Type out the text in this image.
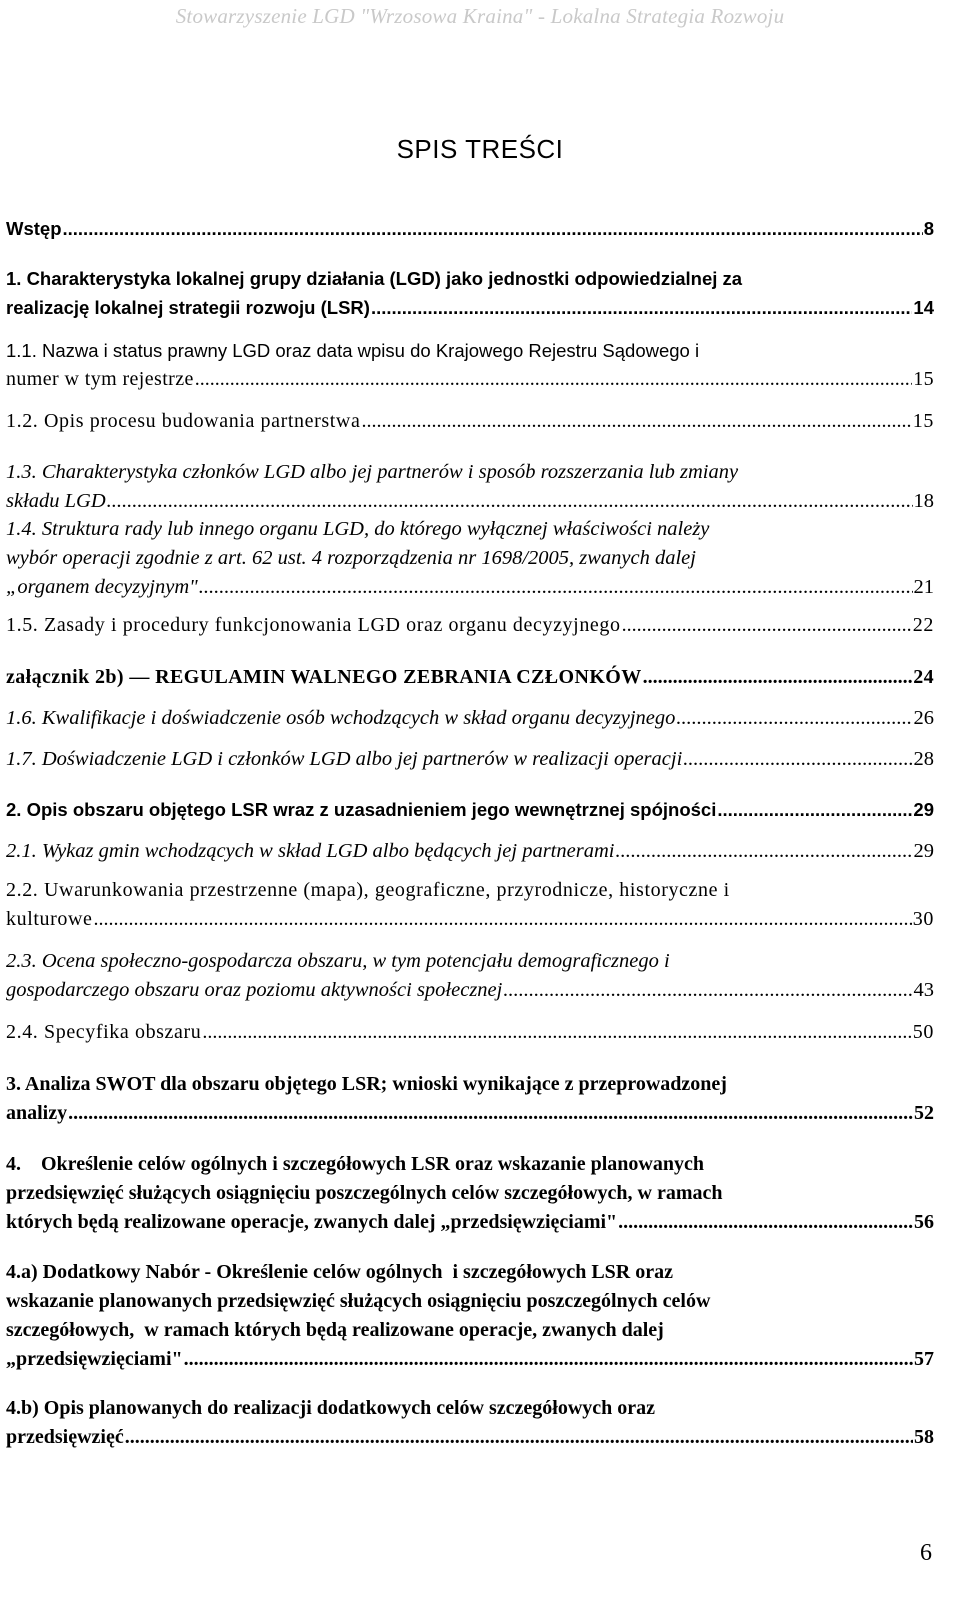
Stowarzyszenie LGD "Wrzosowa Kraina" - Lokalna Strategia Rozwoju
SPIS TREŚCI
Wstęp .....	8
1. Charakterystyka lokalnej grupy działania (LGD) jako jednostki odpowiedzialnej za
realizację lokalnej strategii rozwoju (LSR) .....	14
1.1. Nazwa i status prawny LGD oraz data wpisu do Krajowego Rejestru Sądowego i
numer w tym rejestrze .....	15
1.2. Opis procesu budowania partnerstwa .....	15
1.3. Charakterystyka członków LGD albo jej partnerów i sposób rozszerzania lub zmiany
składu LGD .....	18
1.4. Struktura rady lub innego organu LGD, do którego wyłącznej właściwości należy
wybór operacji zgodnie z art. 62 ust. 4 rozporządzenia nr 1698/2005, zwanych dalej
„organem decyzyjnym" .....	21
1.5. Zasady i procedury funkcjonowania LGD oraz organu decyzyjnego .....	22
załącznik 2b) — REGULAMIN WALNEGO ZEBRANIA CZŁONKÓW .....	24
1.6. Kwalifikacje i doświadczenie osób wchodzących w skład organu decyzyjnego .....	26
1.7. Doświadczenie LGD i członków LGD albo jej partnerów w realizacji operacji .....	28
2. Opis obszaru objętego LSR wraz z uzasadnieniem jego wewnętrznej spójności .....	29
2.1. Wykaz gmin wchodzących w skład LGD albo będących jej partnerami .....	29
2.2. Uwarunkowania przestrzenne (mapa), geograficzne, przyrodnicze, historyczne i
kulturowe .....	30
2.3. Ocena społeczno-gospodarcza obszaru, w tym potencjału demograficznego i
gospodarczego obszaru oraz poziomu aktywności społecznej .....	43
2.4. Specyfika obszaru .....	50
3. Analiza SWOT dla obszaru objętego LSR; wnioski wynikające z przeprowadzonej
analizy .....	52
4.    Określenie celów ogólnych i szczegółowych LSR oraz wskazanie planowanych
przedsięwzięć służących osiągnięciu poszczególnych celów szczegółowych, w ramach
których będą realizowane operacje, zwanych dalej „przedsięwzięciami" .....	56
4.a) Dodatkowy Nabór - Określenie celów ogólnych  i szczegółowych LSR oraz
wskazanie planowanych przedsięwzięć służących osiągnięciu poszczególnych celów
szczegółowych,  w ramach których będą realizowane operacje, zwanych dalej
„przedsięwzięciami" .....	57
4.b) Opis planowanych do realizacji dodatkowych celów szczegółowych oraz
przedsięwzięć .....	58
6
